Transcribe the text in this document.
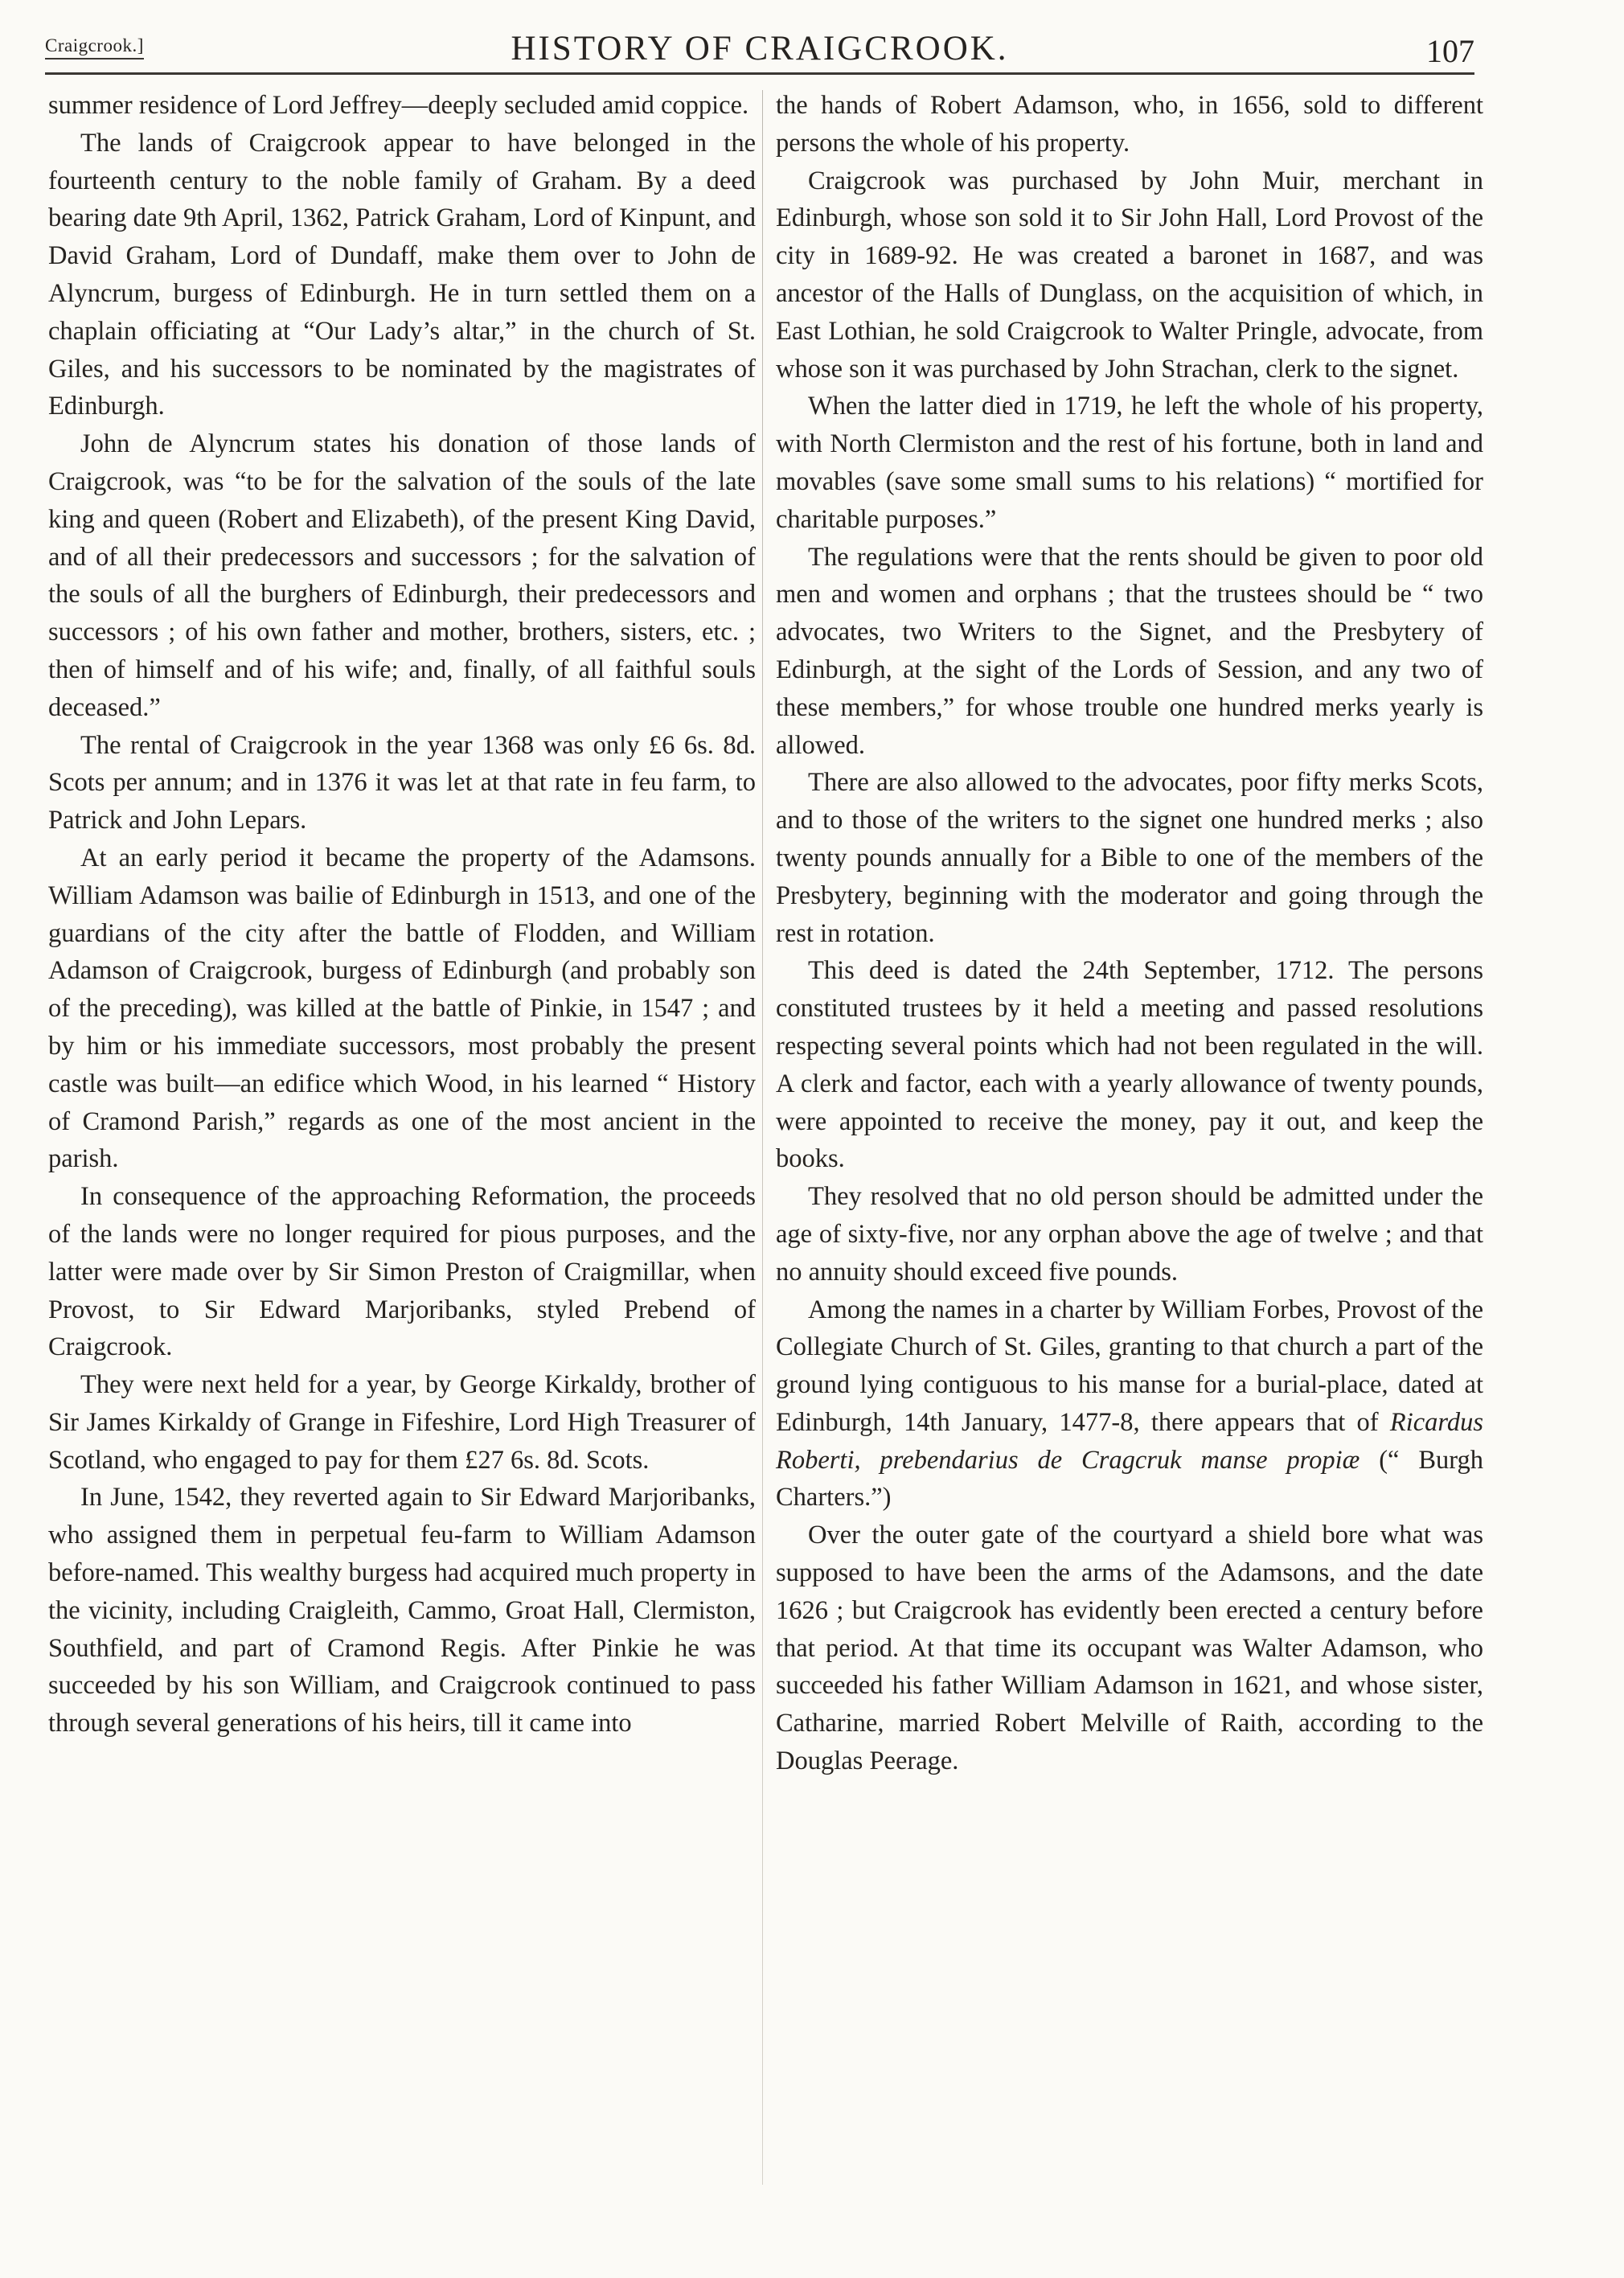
Craigcrook.]	HISTORY OF CRAIGCROOK.	107

summer residence of Lord Jeffrey—deeply secluded amid coppice.

The lands of Craigcrook appear to have belonged in the fourteenth century to the noble family of Graham. By a deed bearing date 9th April, 1362, Patrick Graham, Lord of Kinpunt, and David Graham, Lord of Dundaff, make them over to John de Alyncrum, burgess of Edinburgh. He in turn settled them on a chaplain officiating at “Our Lady’s altar,” in the church of St. Giles, and his successors to be nominated by the magistrates of Edinburgh.

John de Alyncrum states his donation of those lands of Craigcrook, was “to be for the salvation of the souls of the late king and queen (Robert and Elizabeth), of the present King David, and of all their predecessors and successors ; for the salvation of the souls of all the burghers of Edinburgh, their predecessors and successors ; of his own father and mother, brothers, sisters, etc. ; then of himself and of his wife; and, finally, of all faithful souls deceased.”

The rental of Craigcrook in the year 1368 was only £6 6s. 8d. Scots per annum; and in 1376 it was let at that rate in feu farm, to Patrick and John Lepars.

At an early period it became the property of the Adamsons. William Adamson was bailie of Edinburgh in 1513, and one of the guardians of the city after the battle of Flodden, and William Adamson of Craigcrook, burgess of Edinburgh (and probably son of the preceding), was killed at the battle of Pinkie, in 1547 ; and by him or his immediate successors, most probably the present castle was built—an edifice which Wood, in his learned “ History of Cramond Parish,” regards as one of the most ancient in the parish.

In consequence of the approaching Reformation, the proceeds of the lands were no longer required for pious purposes, and the latter were made over by Sir Simon Preston of Craigmillar, when Provost, to Sir Edward Marjoribanks, styled Prebend of Craigcrook.

They were next held for a year, by George Kirkaldy, brother of Sir James Kirkaldy of Grange in Fifeshire, Lord High Treasurer of Scotland, who engaged to pay for them £27 6s. 8d. Scots.

In June, 1542, they reverted again to Sir Edward Marjoribanks, who assigned them in perpetual feu-farm to William Adamson before-named. This wealthy burgess had acquired much property in the vicinity, including Craigleith, Cammo, Groat Hall, Clermiston, Southfield, and part of Cramond Regis. After Pinkie he was succeeded by his son William, and Craigcrook continued to pass through several generations of his heirs, till it came into

the hands of Robert Adamson, who, in 1656, sold to different persons the whole of his property.

Craigcrook was purchased by John Muir, merchant in Edinburgh, whose son sold it to Sir John Hall, Lord Provost of the city in 1689-92. He was created a baronet in 1687, and was ancestor of the Halls of Dunglass, on the acquisition of which, in East Lothian, he sold Craigcrook to Walter Pringle, advocate, from whose son it was purchased by John Strachan, clerk to the signet.

When the latter died in 1719, he left the whole of his property, with North Clermiston and the rest of his fortune, both in land and movables (save some small sums to his relations) “ mortified for charitable purposes.”

The regulations were that the rents should be given to poor old men and women and orphans ; that the trustees should be “ two advocates, two Writers to the Signet, and the Presbytery of Edinburgh, at the sight of the Lords of Session, and any two of these members,” for whose trouble one hundred merks yearly is allowed.

There are also allowed to the advocates, poor fifty merks Scots, and to those of the writers to the signet one hundred merks ; also twenty pounds annually for a Bible to one of the members of the Presbytery, beginning with the moderator and going through the rest in rotation.

This deed is dated the 24th September, 1712. The persons constituted trustees by it held a meeting and passed resolutions respecting several points which had not been regulated in the will. A clerk and factor, each with a yearly allowance of twenty pounds, were appointed to receive the money, pay it out, and keep the books.

They resolved that no old person should be admitted under the age of sixty-five, nor any orphan above the age of twelve ; and that no annuity should exceed five pounds.

Among the names in a charter by William Forbes, Provost of the Collegiate Church of St. Giles, granting to that church a part of the ground lying contiguous to his manse for a burial-place, dated at Edinburgh, 14th January, 1477-8, there appears that of Ricardus Roberti, prebendarius de Cragcruk manse propiæ (“ Burgh Charters.”)

Over the outer gate of the courtyard a shield bore what was supposed to have been the arms of the Adamsons, and the date 1626 ; but Craigcrook has evidently been erected a century before that period. At that time its occupant was Walter Adamson, who succeeded his father William Adamson in 1621, and whose sister, Catharine, married Robert Melville of Raith, according to the Douglas Peerage.
